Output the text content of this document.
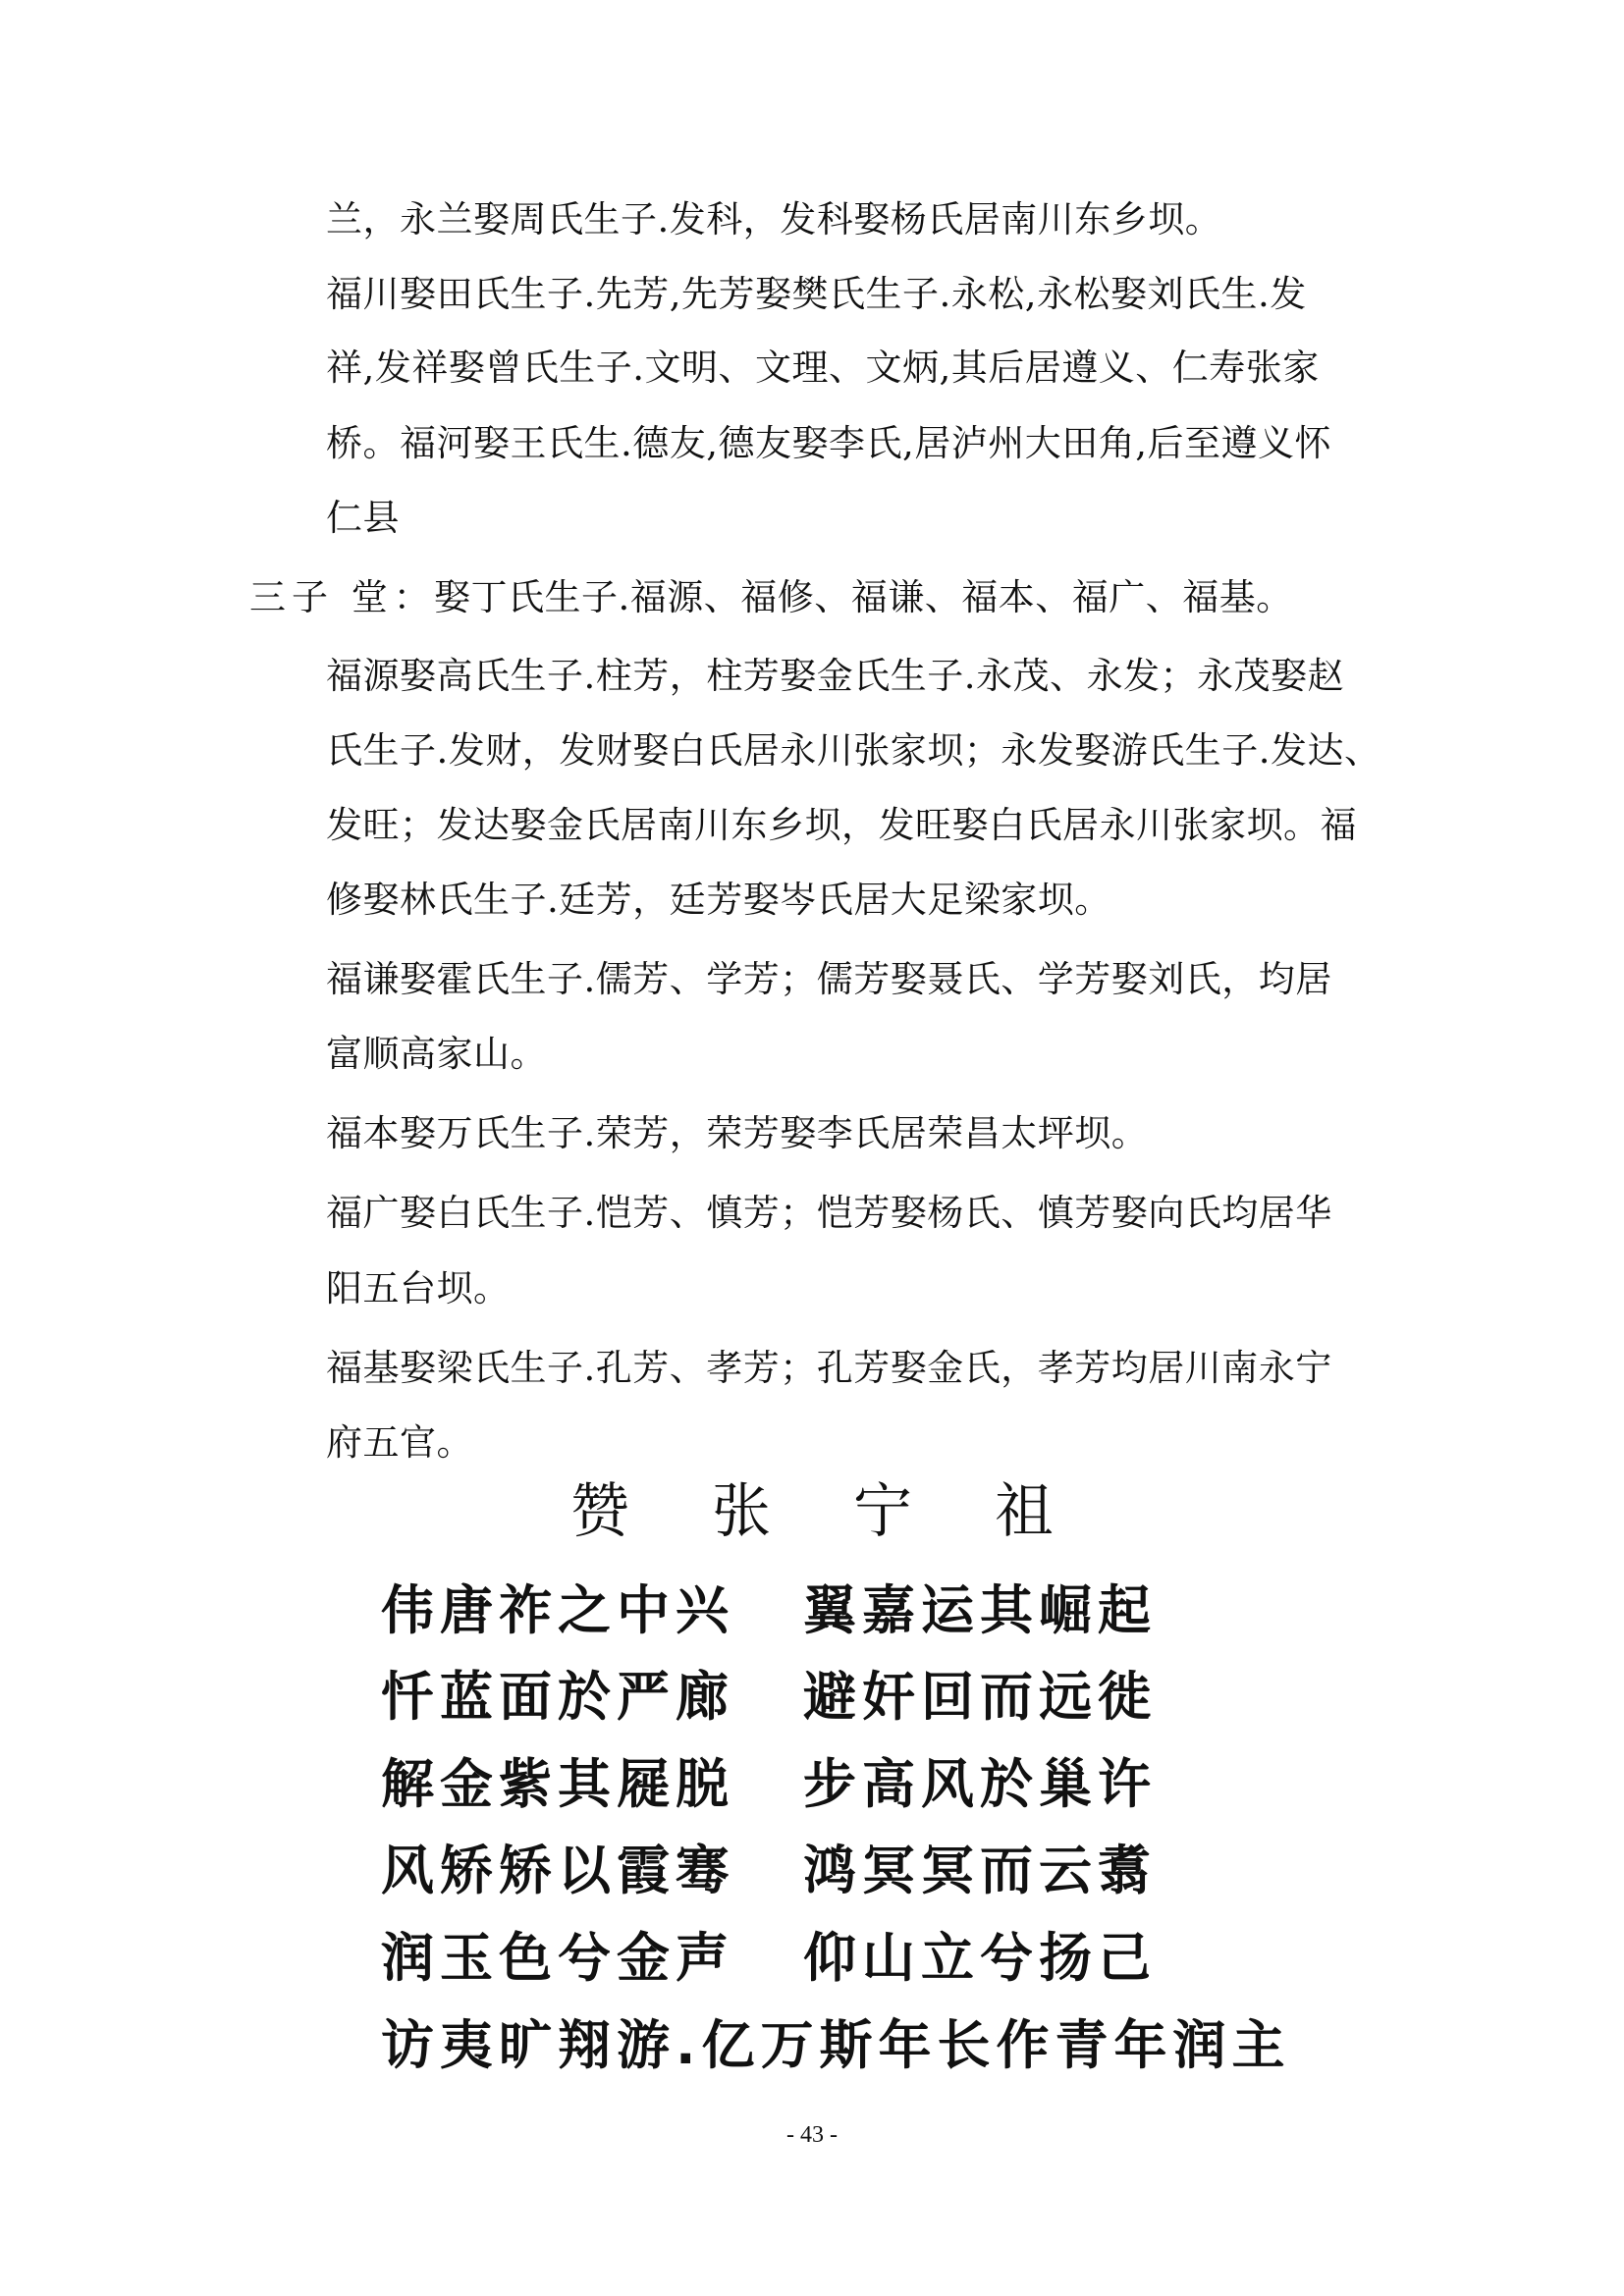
兰，永兰娶周氏生子.发科，发科娶杨氏居南川东乡坝。
福川娶田氏生子.先芳,先芳娶樊氏生子.永松,永松娶刘氏生.发
祥,发祥娶曾氏生子.文明、文理、文炳,其后居遵义、仁寿张家
桥。福河娶王氏生.德友,德友娶李氏,居泸州大田角,后至遵义怀
仁县
三子 堂：娶丁氏生子.福源、福修、福谦、福本、福广、福基。
福源娶高氏生子.柱芳，柱芳娶金氏生子.永茂、永发；永茂娶赵
氏生子.发财，发财娶白氏居永川张家坝；永发娶游氏生子.发达、
发旺；发达娶金氏居南川东乡坝，发旺娶白氏居永川张家坝。福
修娶林氏生子.廷芳，廷芳娶岑氏居大足梁家坝。
福谦娶霍氏生子.儒芳、学芳；儒芳娶聂氏、学芳娶刘氏，均居
富顺高家山。
福本娶万氏生子.荣芳，荣芳娶李氏居荣昌太坪坝。
福广娶白氏生子.恺芳、慎芳；恺芳娶杨氏、慎芳娶向氏均居华
阳五台坝。
福基娶梁氏生子.孔芳、孝芳；孔芳娶金氏，孝芳均居川南永宁
府五官。
赞 张 宁 祖
伟唐祚之中兴 翼嘉运其崛起
忏蓝面於严廊 避奸回而远徙
解金紫其屣脱 步高风於巢许
风矫矫以霞骞 鸿冥冥而云翥
润玉色兮金声 仰山立兮扬己
访夷旷翔游.亿万斯年长作青年润主
- 43 -
